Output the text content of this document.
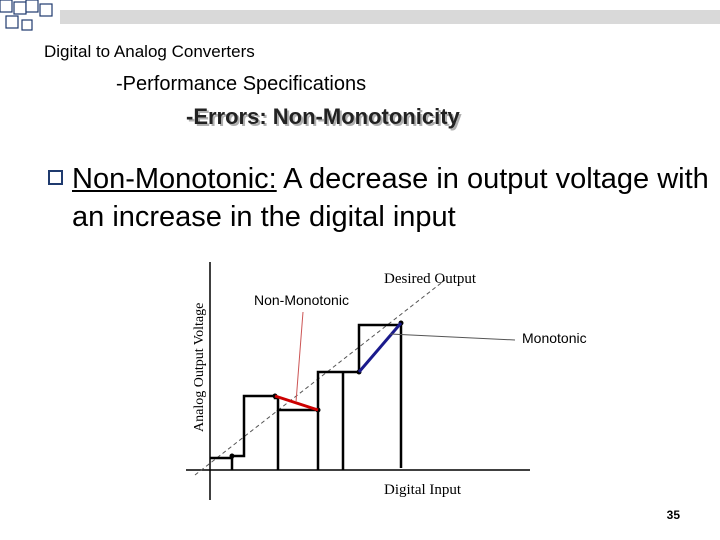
Digital to Analog Converters
-Performance Specifications
-Errors: Non-Monotonicity
Non-Monotonic: A decrease in output voltage with an increase in the digital input
Analog Output Voltage
Digital Input
Desired Output
Non-Monotonic
Monotonic
35
